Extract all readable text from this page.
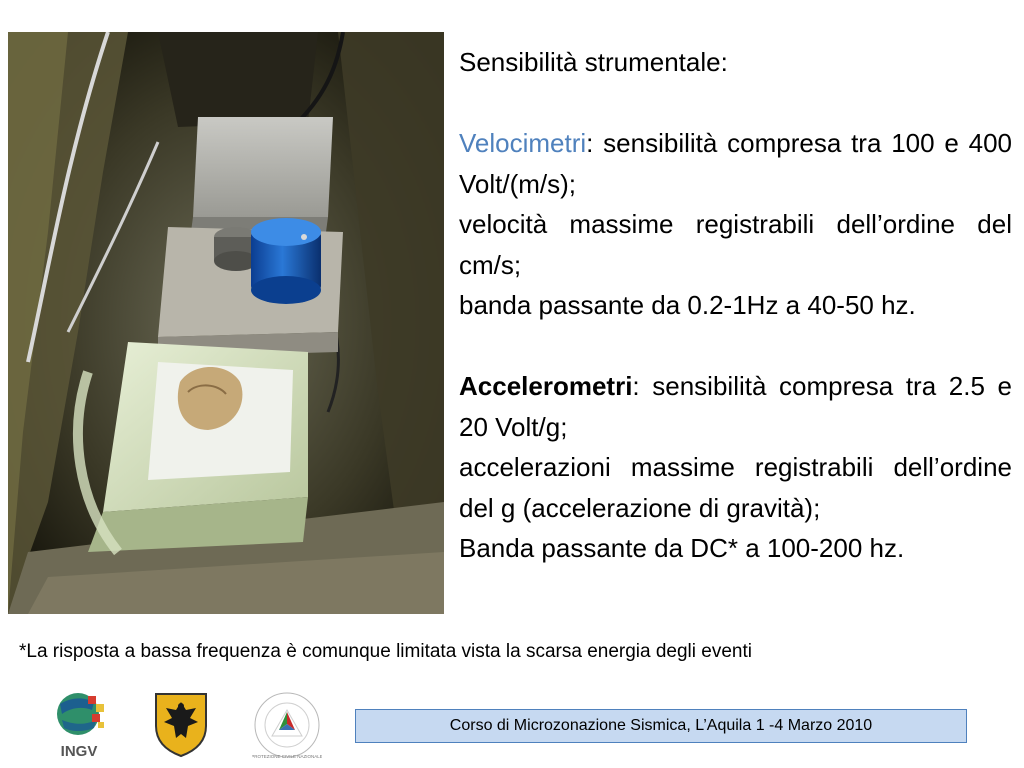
Sensibilità strumentale:

Velocimetri: sensibilità compresa tra 100 e 400 Volt/(m/s);

velocità massime registrabili dell’ordine del cm/s;

banda passante da 0.2-1Hz a 40-50 hz.

Accelerometri: sensibilità compresa tra 2.5 e 20 Volt/g;

accelerazioni massime registrabili dell’ordine del g (accelerazione di gravità);

Banda passante da DC* a 100-200 hz.

*La risposta a bassa frequenza è comunque limitata vista la scarsa energia degli eventi
INGV	PROTEZIONE CIVILE NAZIONALE
Corso di Microzonazione Sismica, L’Aquila 1 -4 Marzo 2010
